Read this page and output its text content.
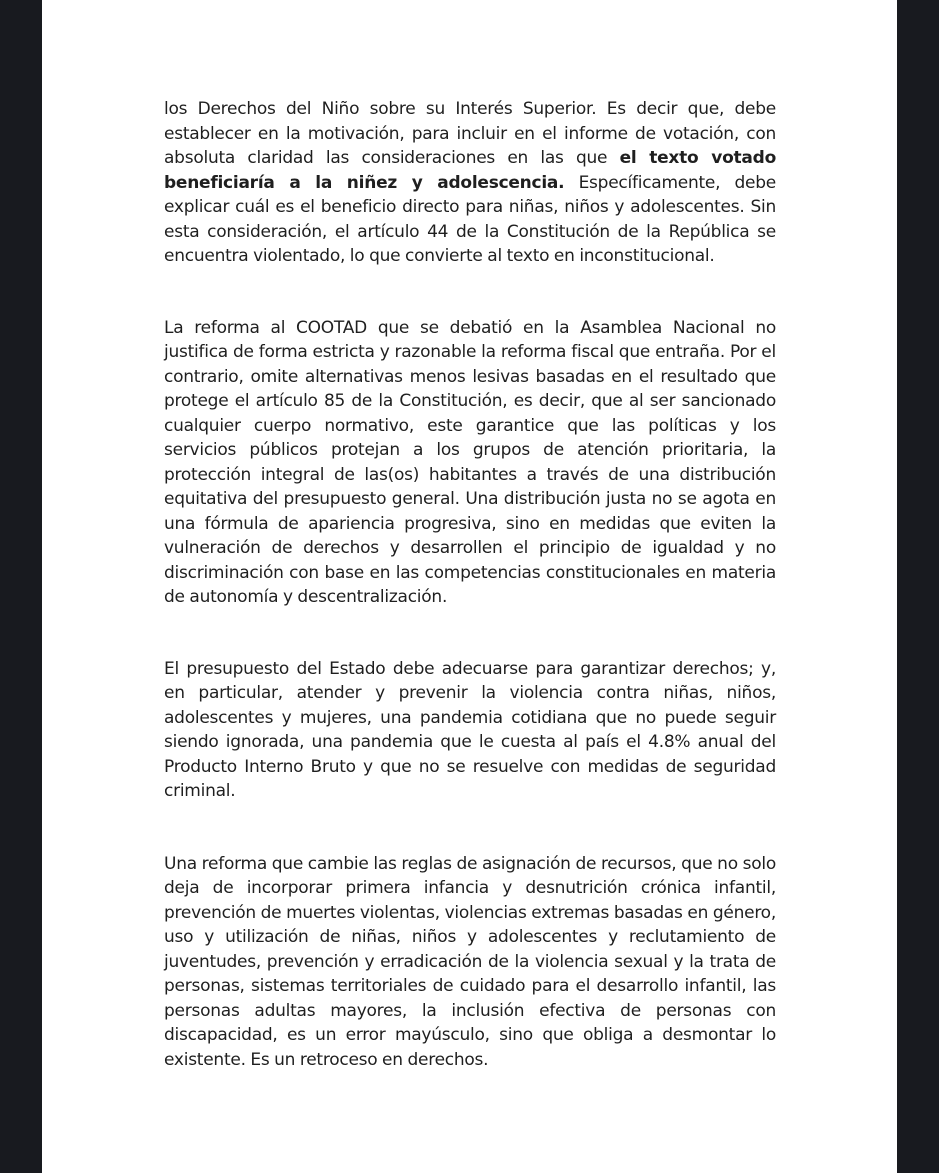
los Derechos del Niño sobre su Interés Superior. Es decir que, debe establecer en la motivación, para incluir en el informe de votación, con absoluta claridad las consideraciones en las que el texto votado beneficiaría a la niñez y adolescencia. Específicamente, debe explicar cuál es el beneficio directo para niñas, niños y adolescentes. Sin esta consideración, el artículo 44 de la Constitución de la República se encuentra violentado, lo que convierte al texto en inconstitucional.

La reforma al COOTAD que se debatió en la Asamblea Nacional no justifica de forma estricta y razonable la reforma fiscal que entraña. Por el contrario, omite alternativas menos lesivas basadas en el resultado que protege el artículo 85 de la Constitución, es decir, que al ser sancionado cualquier cuerpo normativo, este garantice que las políticas y los servicios públicos protejan a los grupos de atención prioritaria, la protección integral de las(os) habitantes a través de una distribución equitativa del presupuesto general. Una distribución justa no se agota en una fórmula de apariencia progresiva, sino en medidas que eviten la vulneración de derechos y desarrollen el principio de igualdad y no discriminación con base en las competencias constitucionales en materia de autonomía y descentralización.

El presupuesto del Estado debe adecuarse para garantizar derechos; y, en particular, atender y prevenir la violencia contra niñas, niños, adolescentes y mujeres, una pandemia cotidiana que no puede seguir siendo ignorada, una pandemia que le cuesta al país el 4.8% anual del Producto Interno Bruto y que no se resuelve con medidas de seguridad criminal.

Una reforma que cambie las reglas de asignación de recursos, que no solo deja de incorporar primera infancia y desnutrición crónica infantil, prevención de muertes violentas, violencias extremas basadas en género, uso y utilización de niñas, niños y adolescentes y reclutamiento de juventudes, prevención y erradicación de la violencia sexual y la trata de personas, sistemas territoriales de cuidado para el desarrollo infantil, las personas adultas mayores, la inclusión efectiva de personas con discapacidad, es un error mayúsculo, sino que obliga a desmontar lo existente. Es un retroceso en derechos.
